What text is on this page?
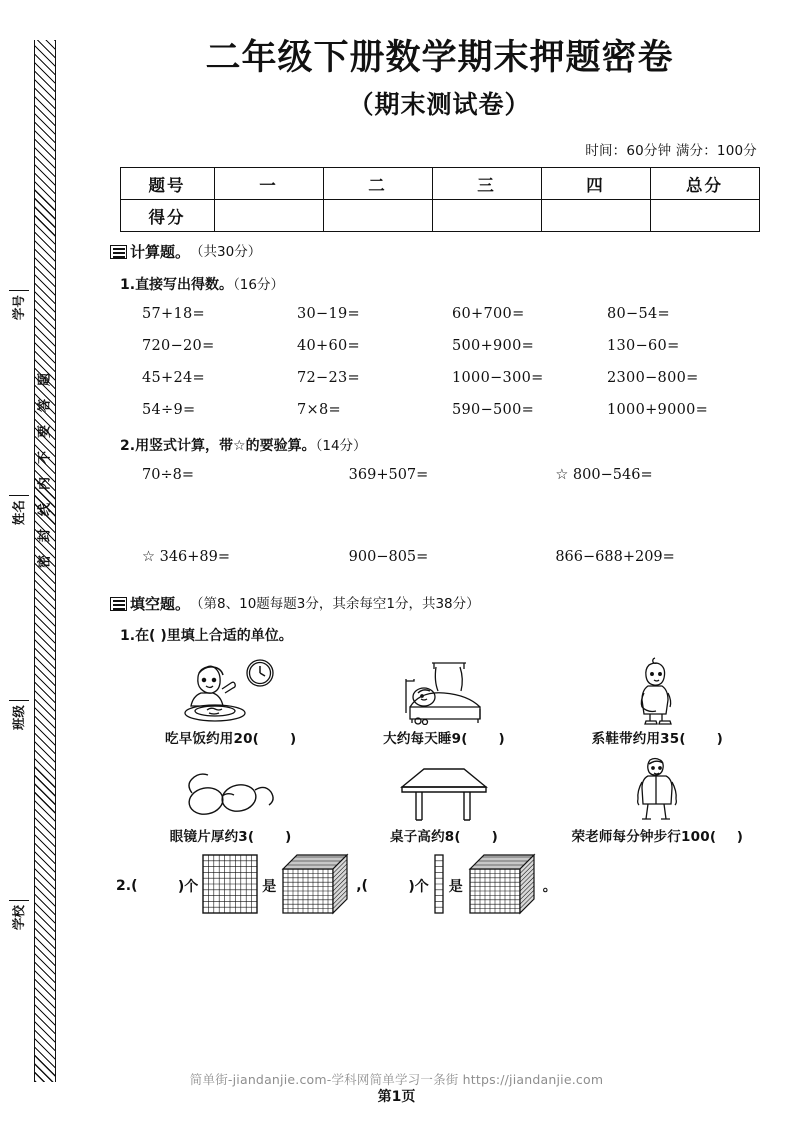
题
答
要
不
内
线
封
密
学号
姓名
班级
学校
二年级下册数学期末押题密卷
（期末测试卷）
时间：60分钟 满分：100分
题号	一	二	三	四	总分
得分					
计算题。 （共30分）
1.直接写出得数。（16分）
57+18=	30−19=	60+700=	80−54=
720−20=	40+60=	500+900=	130−60=
45+24=	72−23=	1000−300=	2300−800=
54÷9=	7×8=	590−500=	1000+9000=
2.用竖式计算，带☆的要验算。（14分）
70÷8=	369+507=	☆ 800−546=
☆ 346+89=	900−805=	866−688+209=
填空题。 （第8、10题每题3分，其余每空1分，共38分）
1.在( )里填上合适的单位。
吃早饭约用20( )	大约每天睡9( )	系鞋带约用35( )
眼镜片厚约3( )	桌子高约8( )	荣老师每分钟步行100( )
2. (
	)个	是	,(
	)个 是	。
简单街-jiandanjie.com-学科网简单学习一条街 https://jiandanjie.com
第1页
